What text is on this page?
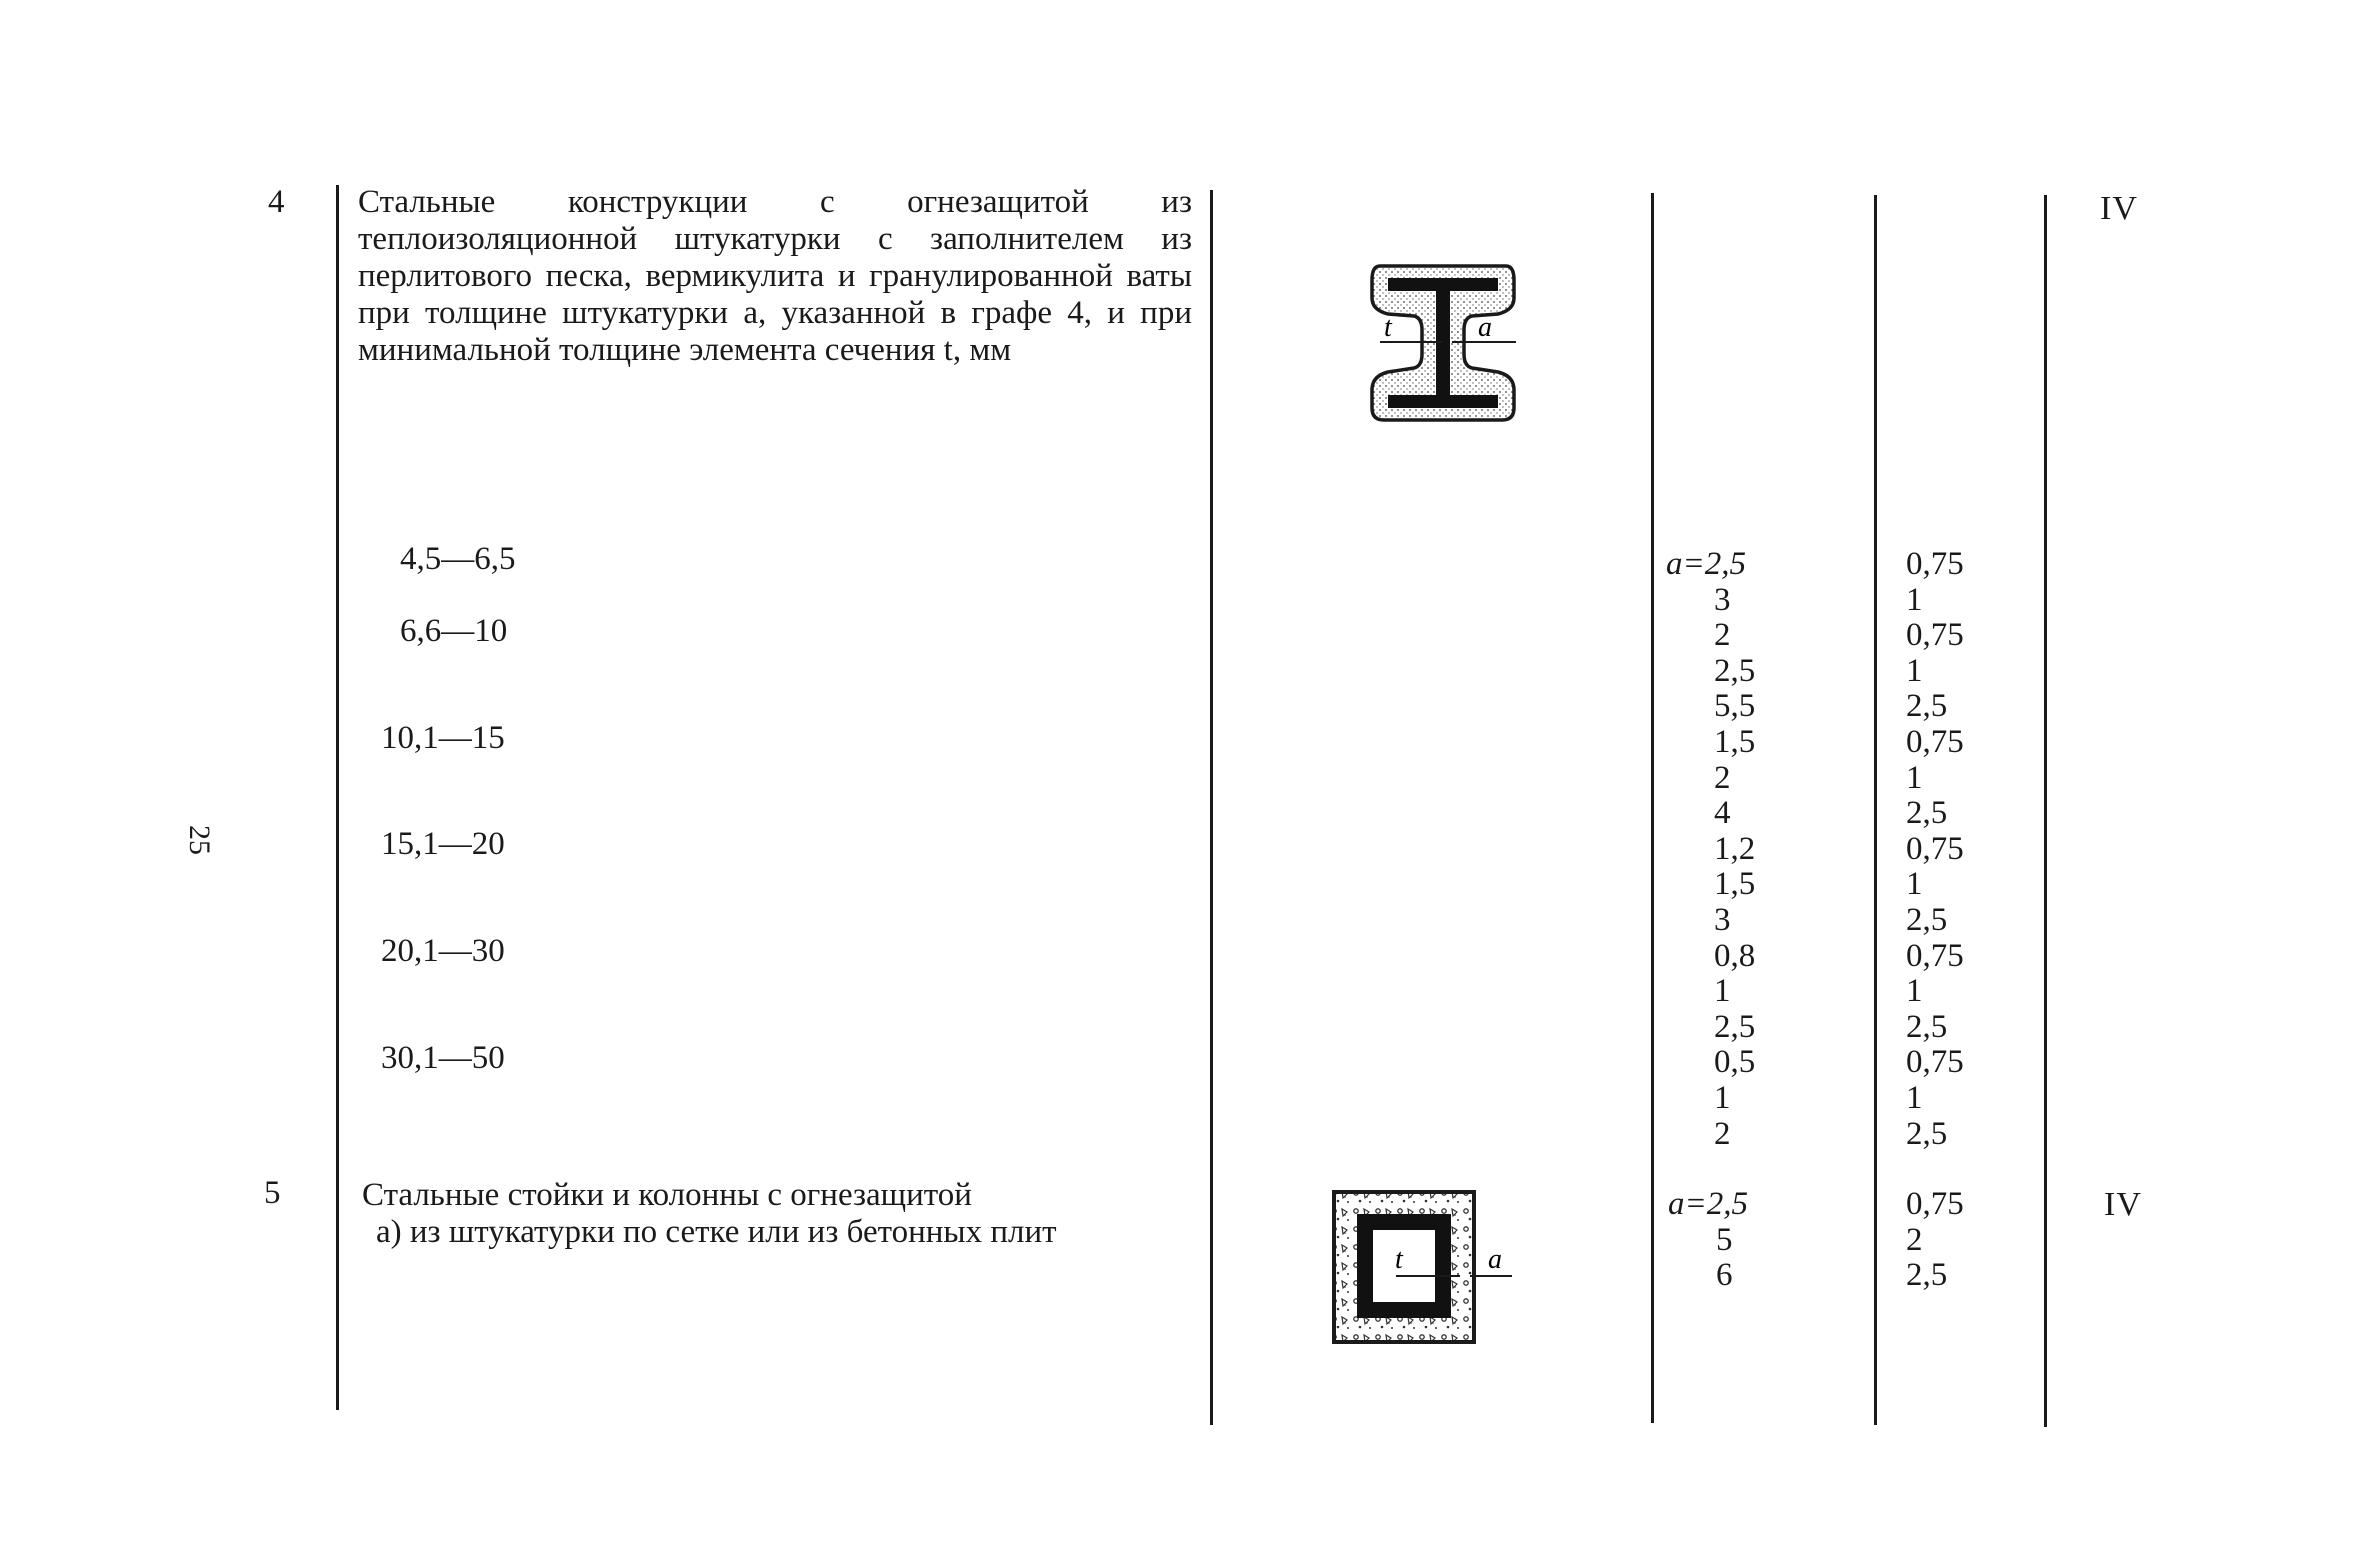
25
4 Стальные конструкции с огнезащитой из теплоизоляционной штукатурки с заполнителем из перлитового песка, вермикулита и гранулированной ваты при толщине штукатурки a, указанной в графе 4, и при минимальной толщине элемента сечения t, мм
t	a
4,5—6,5
6,6—10
10,1—15
15,1—20
20,1—30
30,1—50
a=2,5
3
2
2,5
5,5
1,5
2
4
1,2
1,5
3
0,8
1
2,5
0,5
1
2
0,75
1
0,75
1
2,5
0,75
1
2,5
0,75
1
2,5
0,75
1
2,5
0,75
1
2,5
IV
5 Стальные стойки и колонны с огнезащитой
а) из штукатурки по сетке или из бетонных плит
t	a
a=2,5
5
6
0,75
2
2,5
IV
